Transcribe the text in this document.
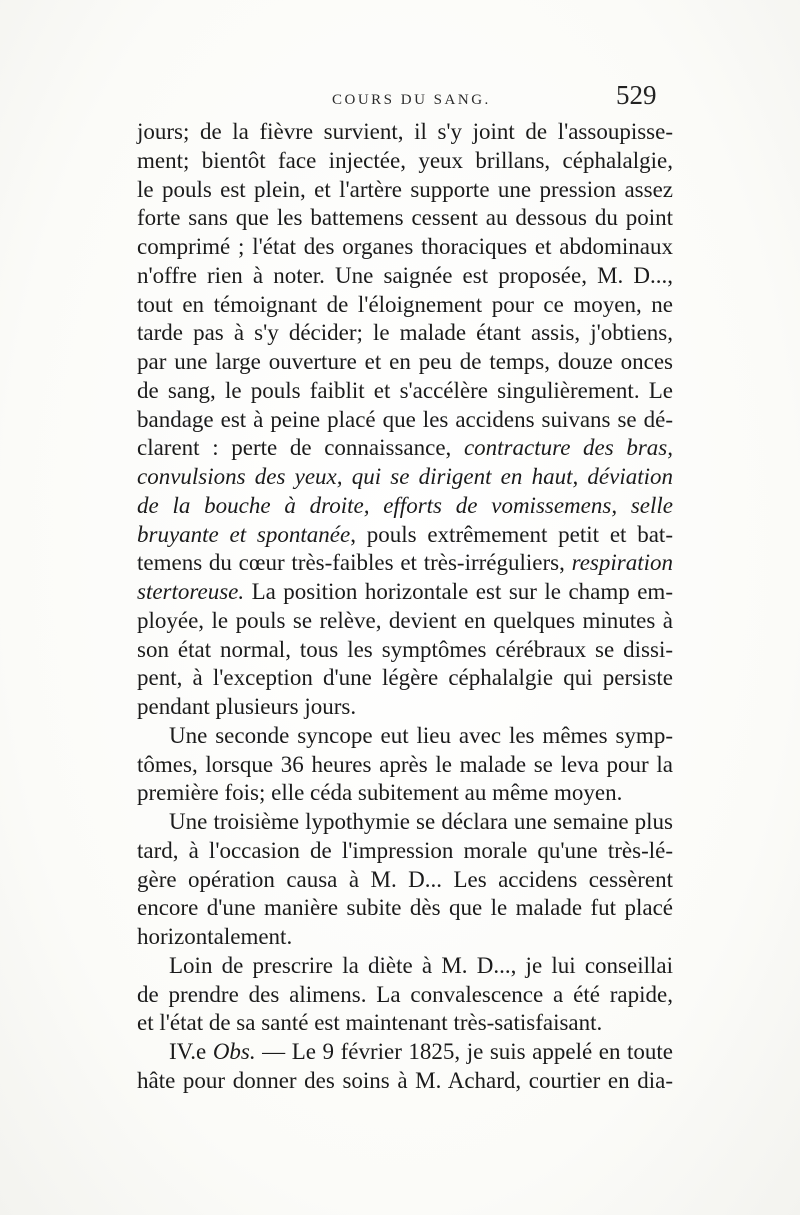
COURS DU SANG.	529
jours; de la fièvre survient, il s'y joint de l'assoupisse-
ment; bientôt face injectée, yeux brillans, céphalalgie,
le pouls est plein, et l'artère supporte une pression assez
forte sans que les battemens cessent au dessous du point
comprimé ; l'état des organes thoraciques et abdominaux
n'offre rien à noter. Une saignée est proposée, M. D...,
tout en témoignant de l'éloignement pour ce moyen, ne
tarde pas à s'y décider; le malade étant assis, j'obtiens,
par une large ouverture et en peu de temps, douze onces
de sang, le pouls faiblit et s'accélère singulièrement. Le
bandage est à peine placé que les accidens suivans se dé-
clarent : perte de connaissance, contracture des bras,
convulsions des yeux, qui se dirigent en haut, déviation
de la bouche à droite, efforts de vomissemens, selle
bruyante et spontanée, pouls extrêmement petit et bat-
temens du cœur très-faibles et très-irréguliers, respiration
stertoreuse. La position horizontale est sur le champ em-
ployée, le pouls se relève, devient en quelques minutes à
son état normal, tous les symptômes cérébraux se dissi-
pent, à l'exception d'une légère céphalalgie qui persiste
pendant plusieurs jours.
Une seconde syncope eut lieu avec les mêmes symp-
tômes, lorsque 36 heures après le malade se leva pour la
première fois; elle céda subitement au même moyen.
Une troisième lypothymie se déclara une semaine plus
tard, à l'occasion de l'impression morale qu'une très-lé-
gère opération causa à M. D... Les accidens cessèrent
encore d'une manière subite dès que le malade fut placé
horizontalement.
Loin de prescrire la diète à M. D..., je lui conseillai
de prendre des alimens. La convalescence a été rapide,
et l'état de sa santé est maintenant très-satisfaisant.
IV.e Obs. — Le 9 février 1825, je suis appelé en toute
hâte pour donner des soins à M. Achard, courtier en dia-
